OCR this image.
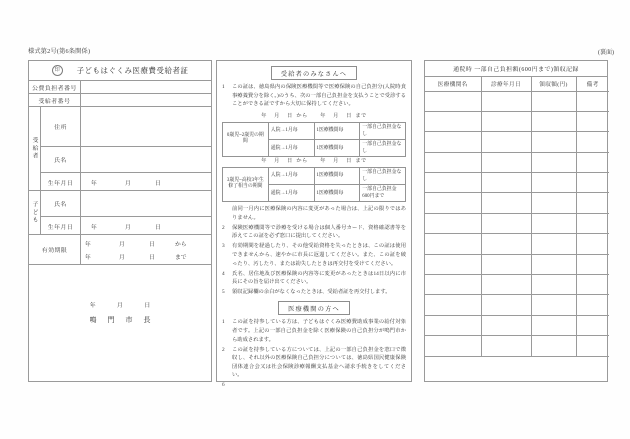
様式第2号(第6条関係)	(裏面)
印	子どもはぐくみ医療費受給者証
公費負担者番号
受給者番号
受給者
住所
氏名
生年月日	年	月	日
子ども	氏名
生年月日	年	月	日
有効期限
年	月	日	から
年	月	日	まで
年 月 日
鳴門市長
受給者のみなさんへ
1	この証は、徳島県内の保険医療機関等で医療保険の自己負担分(入院時食事療養費分を除く。)のうち、次の一部自己負担金を支払うことで受診することができる証ですから大切に保持してください。
年 月 日 から 年 月 日 まで			
0歳児~2歳児の期間	入院→1月每	1医療機関每	一部自己負担金なし
	通院→1月每	1医療機関每	一部自己負担金なし
年 月 日 から 年 月 日 まで			
3歳児~高校3年生 修了相当の期間	入院→1月每	1医療機関每	一部自己負担金なし
	通院→1月每	1医療機関每	一部自己負担金600円まで
前同一月内に医療保険の内容に変更があった場合は、上記の限りではありません。
2	保険医療機関等で診療を受ける場合は個人番号カード、資格確認書等を添えてこの証を必ず窓口に提出してください。
3	有効期間を経過したり、その他受給資格を失ったときは、この証は使用できませんから、速やかに市長に返還してください。また、この証を破ったり、汚したり、または紛失したときは再交付を受けてください。
4	氏名、居住地及び医療保険の内容等に変更があったときは14日以内に市長にその旨を届け出てください。
5	領収記録欄の余白がなくなったときは、受給者証を再交付します。
医療機関の方へ
1	この証を持参している方は、子どもはぐくみ医療費助成事業の給付対象者です。上記の一部自己負担金を除く医療保険の自己負担分が鳴門市から助成されます。
2	この証を持参している方については、上記の一部自己負担金を窓口で徴収し、それ以外の医療保険自己負担分については、徳島県国民健康保険団体連合会又は社会保険診療報酬支払基金へ請求手続きをしてください。
6
通院時 一部自己負担額(600円まで)領収記録
医療機関名	診療年月日	領収額(円)	備考
